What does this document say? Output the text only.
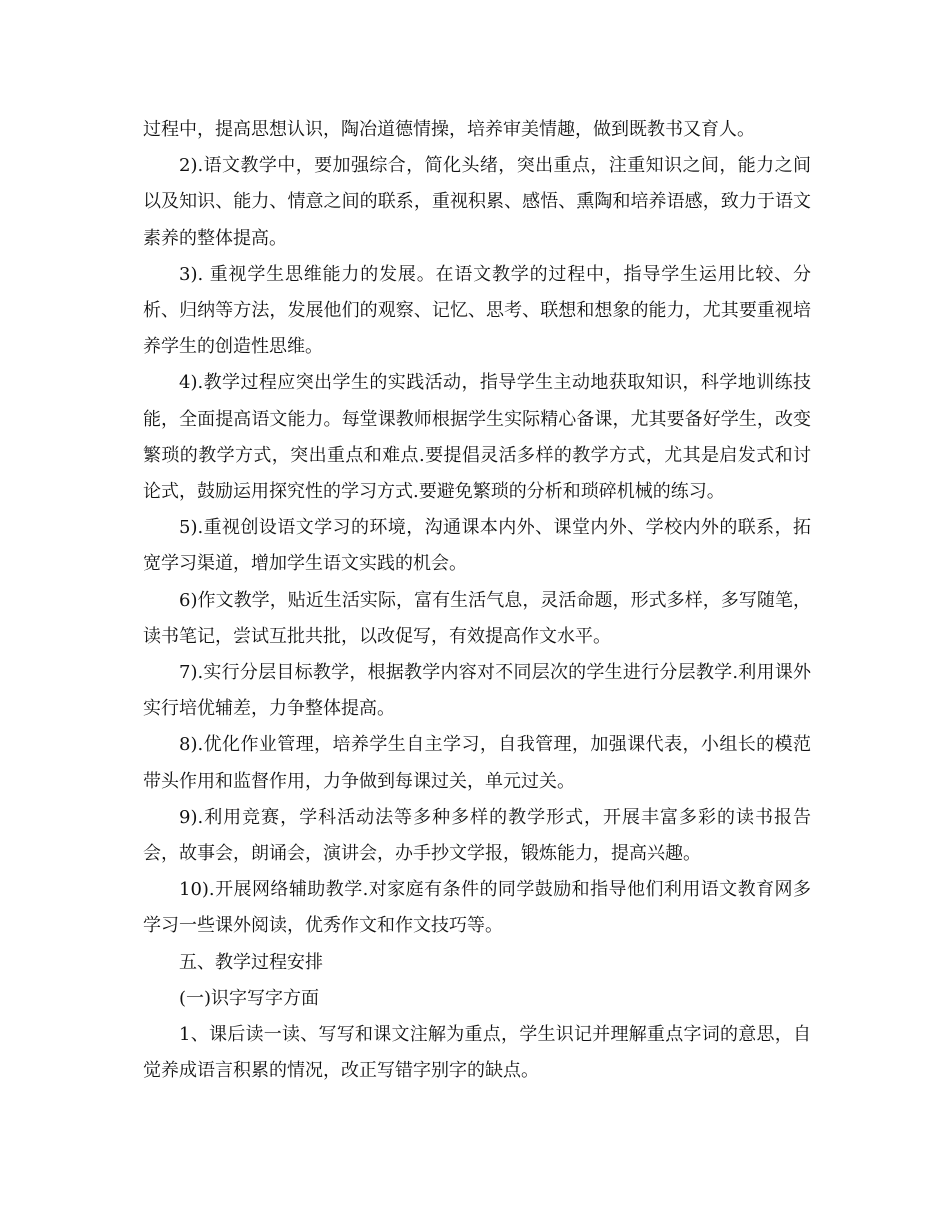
过程中，提高思想认识，陶冶道德情操，培养审美情趣，做到既教书又育人。

2).语文教学中，要加强综合，简化头绪，突出重点，注重知识之间，能力之间以及知识、能力、情意之间的联系，重视积累、感悟、熏陶和培养语感，致力于语文素养的整体提高。

3). 重视学生思维能力的发展。在语文教学的过程中，指导学生运用比较、分析、归纳等方法，发展他们的观察、记忆、思考、联想和想象的能力，尤其要重视培养学生的创造性思维。

4).教学过程应突出学生的实践活动，指导学生主动地获取知识，科学地训练技能，全面提高语文能力。每堂课教师根据学生实际精心备课，尤其要备好学生，改变繁琐的教学方式，突出重点和难点.要提倡灵活多样的教学方式，尤其是启发式和讨论式，鼓励运用探究性的学习方式.要避免繁琐的分析和琐碎机械的练习。

5).重视创设语文学习的环境，沟通课本内外、课堂内外、学校内外的联系，拓宽学习渠道，增加学生语文实践的机会。

6)作文教学，贴近生活实际，富有生活气息，灵活命题，形式多样，多写随笔，读书笔记，尝试互批共批，以改促写，有效提高作文水平。

7).实行分层目标教学，根据教学内容对不同层次的学生进行分层教学.利用课外实行培优辅差，力争整体提高。

8).优化作业管理，培养学生自主学习，自我管理，加强课代表，小组长的模范带头作用和监督作用，力争做到每课过关，单元过关。

9).利用竞赛，学科活动法等多种多样的教学形式，开展丰富多彩的读书报告会，故事会，朗诵会，演讲会，办手抄文学报，锻炼能力，提高兴趣。

10).开展网络辅助教学.对家庭有条件的同学鼓励和指导他们利用语文教育网多学习一些课外阅读，优秀作文和作文技巧等。

五、教学过程安排

(一)识字写字方面

1、课后读一读、写写和课文注解为重点，学生识记并理解重点字词的意思，自觉养成语言积累的情况，改正写错字别字的缺点。
